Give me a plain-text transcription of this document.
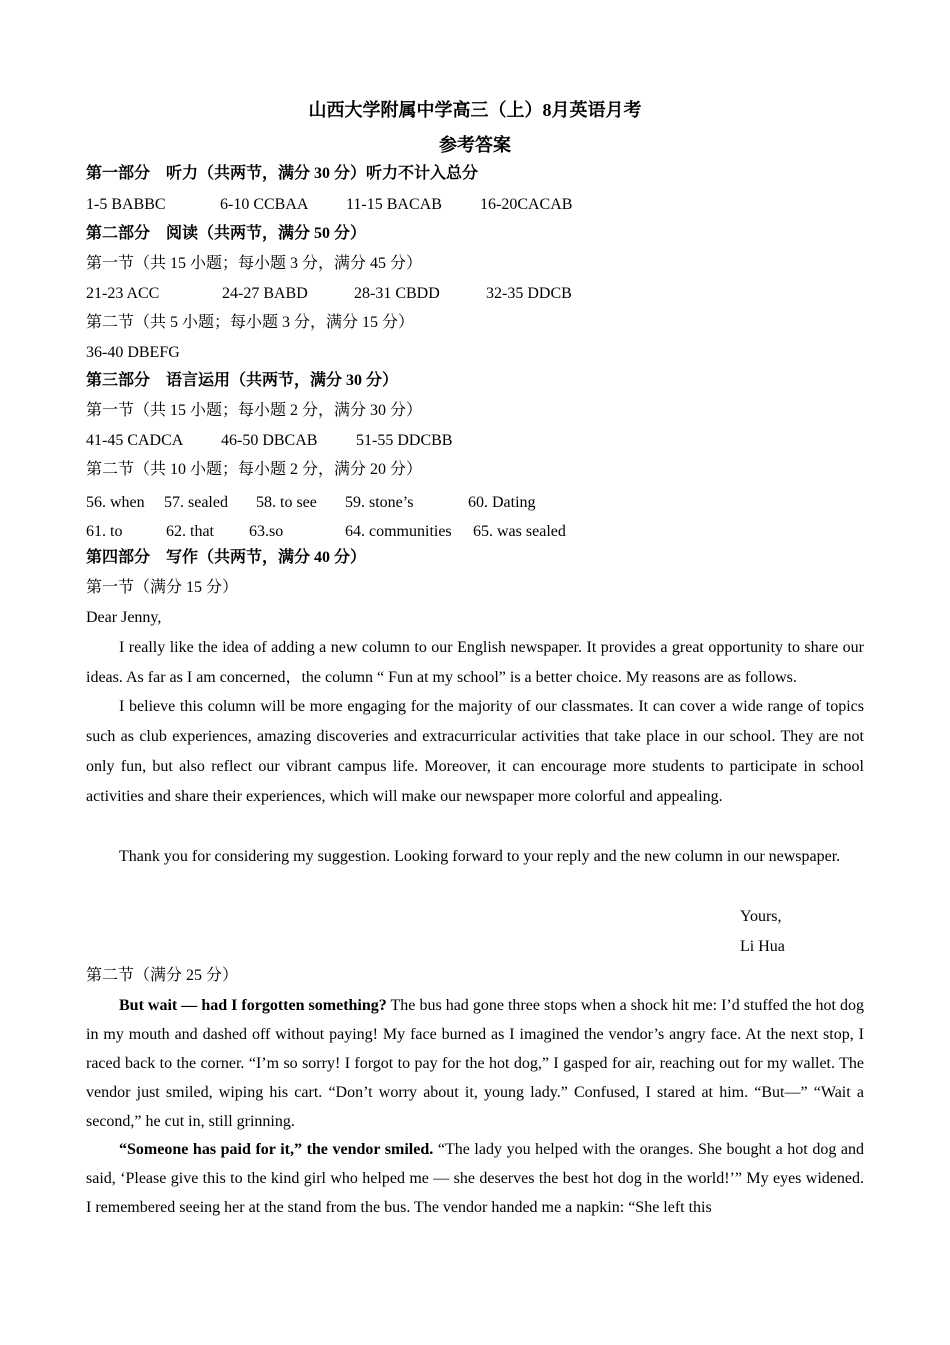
山西大学附属中学高三（上）8月英语月考
参考答案
第一部分　听力（共两节，满分 30 分）听力不计入总分
1-5 BABBC	6-10 CCBAA 11-15 BACAB 16-20CACAB
第二部分　阅读（共两节，满分 50 分）
第一节（共 15 小题；每小题 3 分，满分 45 分）
21-23 ACC	24-27 BABD	28-31 CBDD	32-35 DDCB
第二节（共 5 小题；每小题 3 分，满分 15 分）
36-40 DBEFG
第三部分　语言运用（共两节，满分 30 分）
第一节（共 15 小题；每小题 2 分，满分 30 分）
41-45 CADCA 46-50 DBCAB 51-55 DDCBB
第二节（共 10 小题；每小题 2 分，满分 20 分）
56. when 57. sealed 58. to see 59. stone’s	60. Dating
61. to	62. that 63.so	64. communities 65. was sealed
第四部分　写作（共两节，满分 40 分）
第一节（满分 15 分）
Dear Jenny,
I really like the idea of adding a new column to our English newspaper. It provides a great opportunity to share our ideas. As far as I am concerned，the column “ Fun at my school” is a better choice. My reasons are as follows.
I believe this column will be more engaging for the majority of our classmates. It can cover a wide range of topics such as club experiences, amazing discoveries and extracurricular activities that take place in our school. They are not only fun, but also reflect our vibrant campus life. Moreover, it can encourage more students to participate in school activities and share their experiences, which will make our newspaper more colorful and appealing.
Thank you for considering my suggestion. Looking forward to your reply and the new column in our newspaper.
Yours,
Li Hua
第二节（满分 25 分）
But wait — had I forgotten something? The bus had gone three stops when a shock hit me: I’d stuffed the hot dog in my mouth and dashed off without paying! My face burned as I imagined the vendor’s angry face. At the next stop, I raced back to the corner. “I’m so sorry! I forgot to pay for the hot dog,” I gasped for air, reaching out for my wallet. The vendor just smiled, wiping his cart. “Don’t worry about it, young lady.” Confused, I stared at him. “But—” “Wait a second,” he cut in, still grinning.
“Someone has paid for it,” the vendor smiled. “The lady you helped with the oranges. She bought a hot dog and said, ‘Please give this to the kind girl who helped me — she deserves the best hot dog in the world!’” My eyes widened. I remembered seeing her at the stand from the bus. The vendor handed me a napkin: “She left this
